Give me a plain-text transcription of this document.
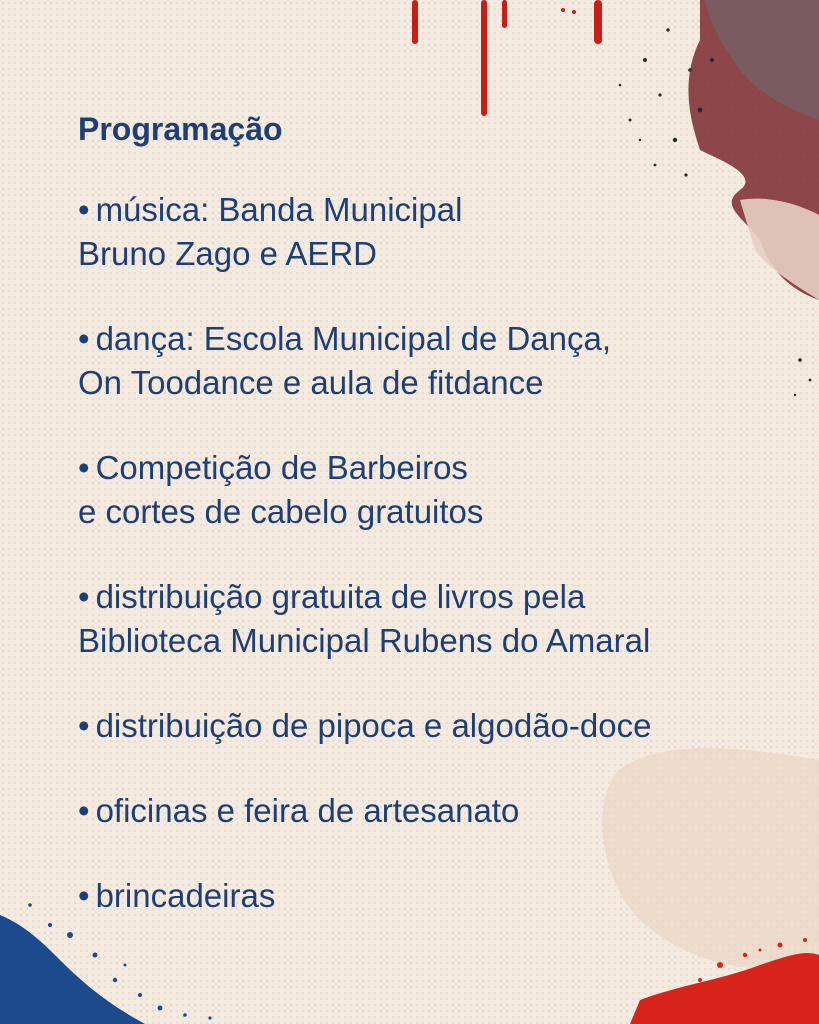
Programação
• música: Banda Municipal
Bruno Zago e AERD
• dança: Escola Municipal de Dança,
On Toodance e aula de fitdance
• Competição de Barbeiros
e cortes de cabelo gratuitos
• distribuição gratuita de livros pela
Biblioteca Municipal Rubens do Amaral
• distribuição de pipoca e algodão-doce
• oficinas e feira de artesanato
• brincadeiras
